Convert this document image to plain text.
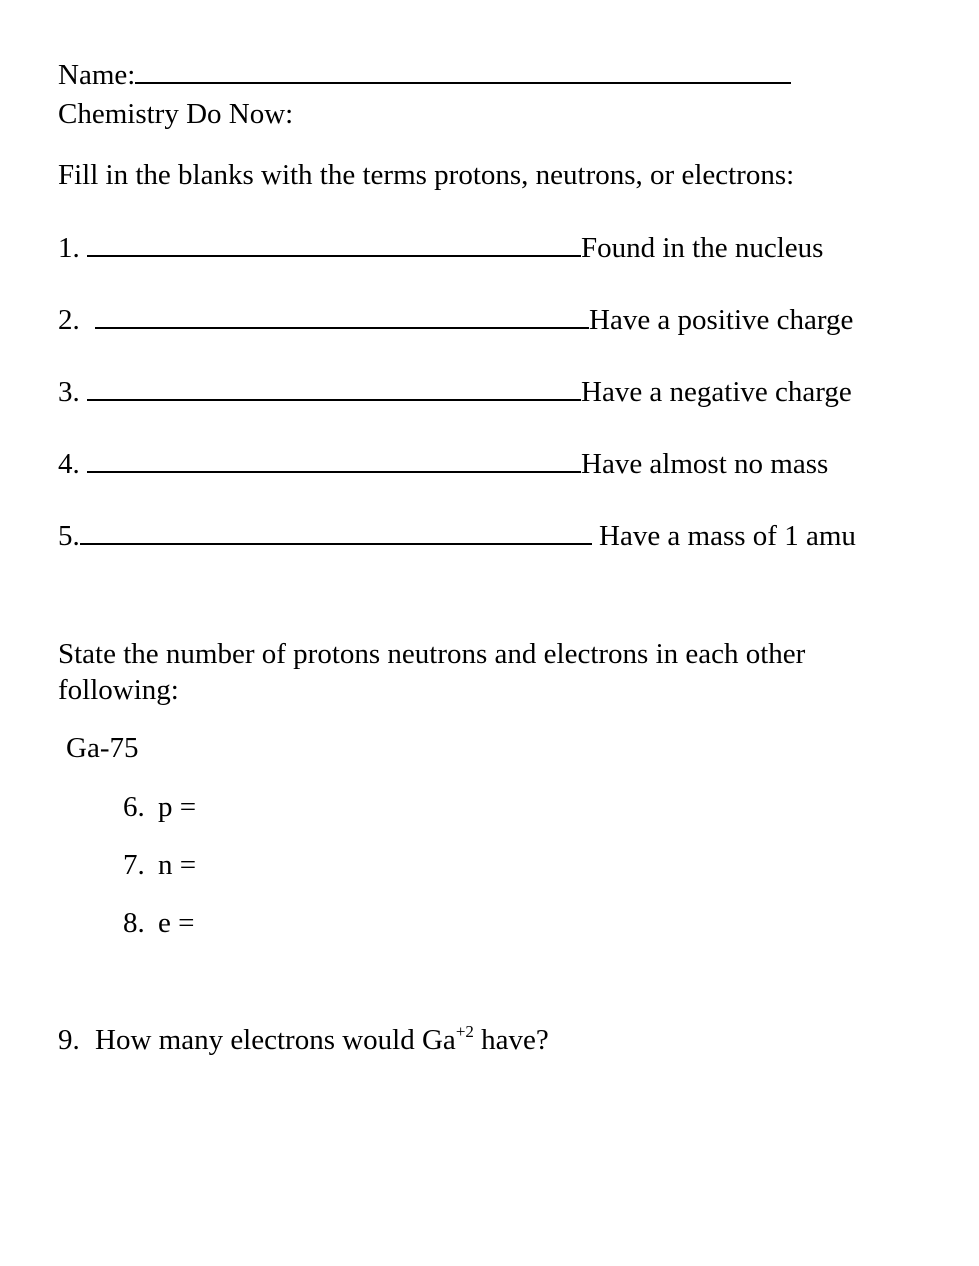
Name:
Chemistry Do Now:
Fill in the blanks with the terms protons, neutrons, or electrons:
1.	Found in the nucleus
2.	Have a positive charge
3.	Have a negative charge
4.	Have almost no mass
5.	Have a mass of 1 amu
State the number of protons neutrons and electrons in each other
following:
Ga-75
6. p =
7. n =
8. e =
9. How many electrons would $Ga^{+2}$ have?
